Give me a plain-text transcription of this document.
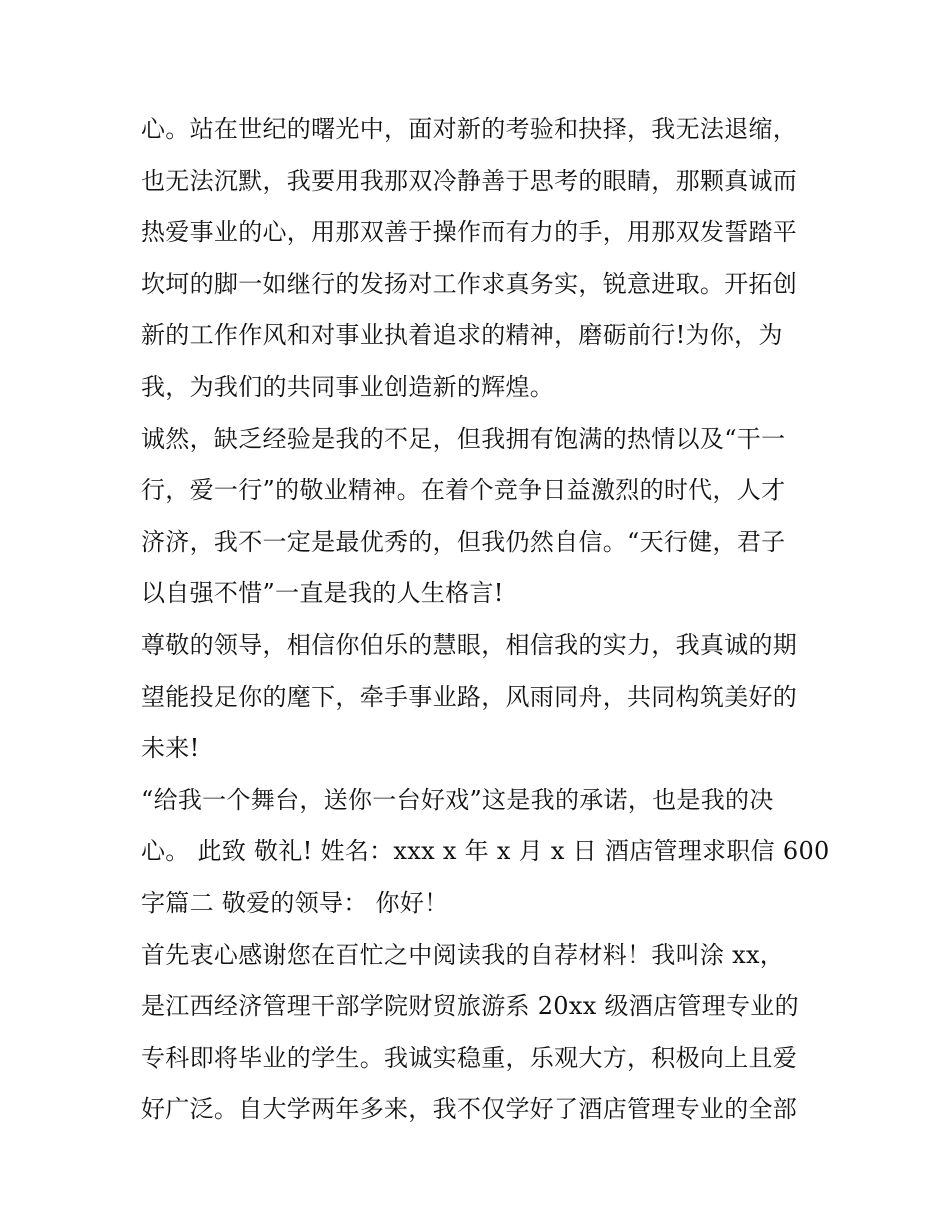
心。站在世纪的曙光中，面对新的考验和抉择，我无法退缩，
也无法沉默，我要用我那双冷静善于思考的眼睛，那颗真诚而
热爱事业的心，用那双善于操作而有力的手，用那双发誓踏平
坎坷的脚一如继行的发扬对工作求真务实，锐意进取。开拓创
新的工作作风和对事业执着追求的精神，磨砺前行!为你，为
我，为我们的共同事业创造新的辉煌。
诚然，缺乏经验是我的不足，但我拥有饱满的热情以及“干一
行，爱一行”的敬业精神。在着个竞争日益激烈的时代，人才
济济，我不一定是最优秀的，但我仍然自信。“天行健，君子
以自强不惜”一直是我的人生格言!
尊敬的领导，相信你伯乐的慧眼，相信我的实力，我真诚的期
望能投足你的麾下，牵手事业路，风雨同舟，共同构筑美好的
未来!
“给我一个舞台，送你一台好戏”这是我的承诺，也是我的决
心。 此致 敬礼! 姓名：xxx x 年 x 月 x 日 酒店管理求职信 600
字篇二 敬爱的领导： 你好！
首先衷心感谢您在百忙之中阅读我的自荐材料！我叫涂 xx，
是江西经济管理干部学院财贸旅游系 20xx 级酒店管理专业的
专科即将毕业的学生。我诚实稳重，乐观大方，积极向上且爱
好广泛。自大学两年多来，我不仅学好了酒店管理专业的全部
